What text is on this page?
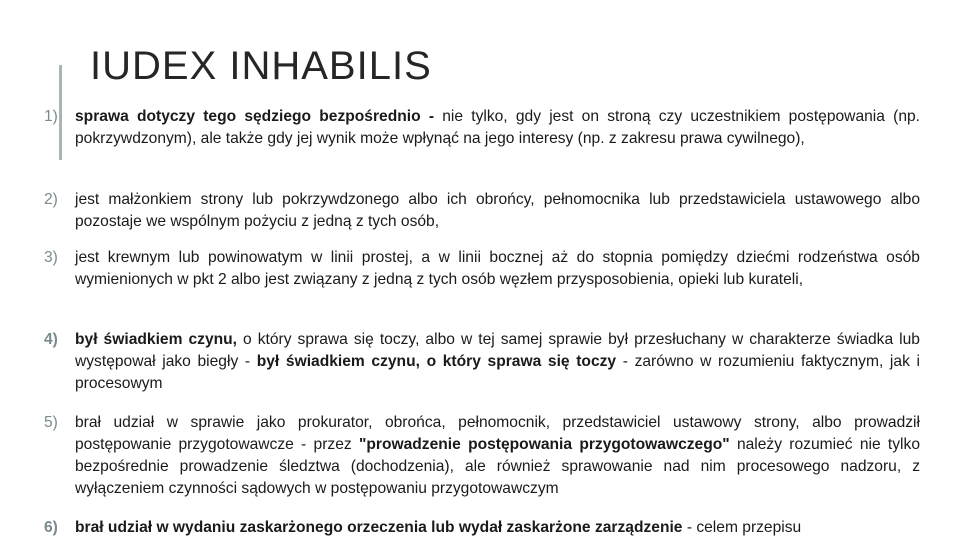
IUDEX INHABILIS
1) sprawa dotyczy tego sędziego bezpośrednio - nie tylko, gdy jest on stroną czy uczestnikiem postępowania (np. pokrzywdzonym), ale także gdy jej wynik może wpłynąć na jego interesy (np. z zakresu prawa cywilnego),
2) jest małżonkiem strony lub pokrzywdzonego albo ich obrońcy, pełnomocnika lub przedstawiciela ustawowego albo pozostaje we wspólnym pożyciu z jedną z tych osób,
3) jest krewnym lub powinowatym w linii prostej, a w linii bocznej aż do stopnia pomiędzy dziećmi rodzeństwa osób wymienionych w pkt 2 albo jest związany z jedną z tych osób węzłem przysposobienia, opieki lub kurateli,
4) był świadkiem czynu, o który sprawa się toczy, albo w tej samej sprawie był przesłuchany w charakterze świadka lub występował jako biegły - był świadkiem czynu, o który sprawa się toczy - zarówno w rozumieniu faktycznym, jak i procesowym
5) brał udział w sprawie jako prokurator, obrońca, pełnomocnik, przedstawiciel ustawowy strony, albo prowadził postępowanie przygotowawcze - przez "prowadzenie postępowania przygotowawczego" należy rozumieć nie tylko bezpośrednie prowadzenie śledztwa (dochodzenia), ale również sprawowanie nad nim procesowego nadzoru, z wyłączeniem czynności sądowych w postępowaniu przygotowawczym
6) brał udział w wydaniu zaskarżonego orzeczenia lub wydał zaskarżone zarządzenie - celem przepisu
